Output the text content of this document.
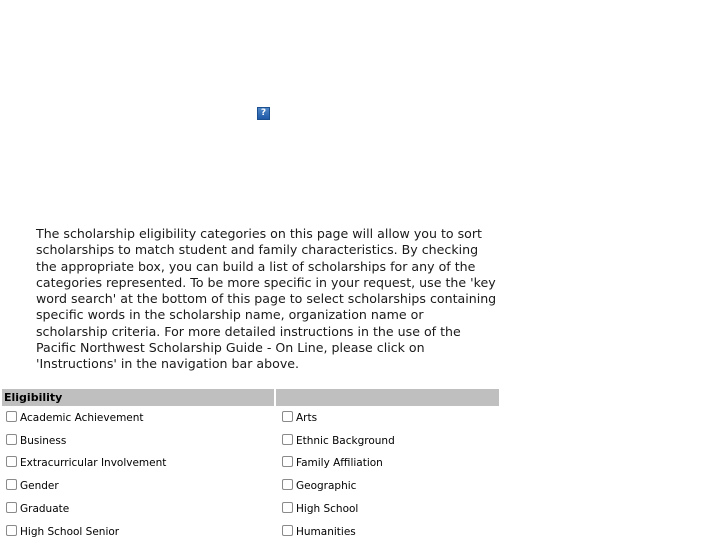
?

The scholarship eligibility categories on this page will allow you to sort scholarships to match student and family characteristics. By checking the appropriate box, you can build a list of scholarships for any of the categories represented. To be more specific in your request, use the 'key word search' at the bottom of this page to select scholarships containing specific words in the scholarship name, organization name or scholarship criteria. For more detailed instructions in the use of the Pacific Northwest Scholarship Guide - On Line, please click on 'Instructions' in the navigation bar above.

Eligibility	
Academic Achievement	Arts
Business	Ethnic Background
Extracurricular Involvement	Family Affiliation
Gender	Geographic
Graduate	High School
High School Senior	Humanities
